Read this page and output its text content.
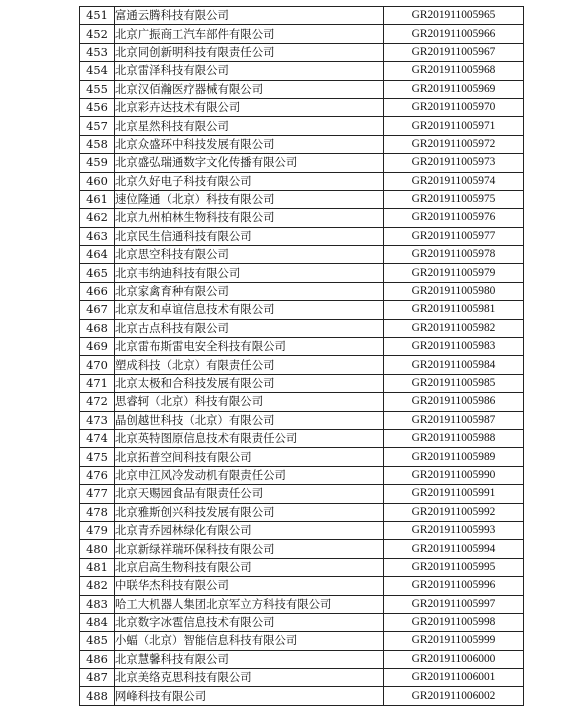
451	富通云腾科技有限公司	GR201911005965
452	北京广振商工汽车部件有限公司	GR201911005966
453	北京同创新明科技有限责任公司	GR201911005967
454	北京雷泽科技有限公司	GR201911005968
455	北京汉佰瀚医疗器械有限公司	GR201911005969
456	北京彩卉达技术有限公司	GR201911005970
457	北京星然科技有限公司	GR201911005971
458	北京众盛环中科技发展有限公司	GR201911005972
459	北京盛弘瑞通数字文化传播有限公司	GR201911005973
460	北京久好电子科技有限公司	GR201911005974
461	速位隆通（北京）科技有限公司	GR201911005975
462	北京九州柏林生物科技有限公司	GR201911005976
463	北京民生信通科技有限公司	GR201911005977
464	北京思空科技有限公司	GR201911005978
465	北京韦纳迪科技有限公司	GR201911005979
466	北京家禽育种有限公司	GR201911005980
467	北京友和卓谊信息技术有限公司	GR201911005981
468	北京古点科技有限公司	GR201911005982
469	北京雷布斯雷电安全科技有限公司	GR201911005983
470	塑成科技（北京）有限责任公司	GR201911005984
471	北京太极和合科技发展有限公司	GR201911005985
472	思睿轲（北京）科技有限公司	GR201911005986
473	晶创越世科技（北京）有限公司	GR201911005987
474	北京英特图原信息技术有限责任公司	GR201911005988
475	北京拓普空间科技有限公司	GR201911005989
476	北京申江风冷发动机有限责任公司	GR201911005990
477	北京天赐园食品有限责任公司	GR201911005991
478	北京雅斯创兴科技发展有限公司	GR201911005992
479	北京青乔园林绿化有限公司	GR201911005993
480	北京新绿祥瑞环保科技有限公司	GR201911005994
481	北京启高生物科技有限公司	GR201911005995
482	中联华杰科技有限公司	GR201911005996
483	哈工大机器人集团北京军立方科技有限公司	GR201911005997
484	北京数字冰雹信息技术有限公司	GR201911005998
485	小蝠（北京）智能信息科技有限公司	GR201911005999
486	北京慧馨科技有限公司	GR201911006000
487	北京美络克思科技有限公司	GR201911006001
488	网峰科技有限公司	GR201911006002
